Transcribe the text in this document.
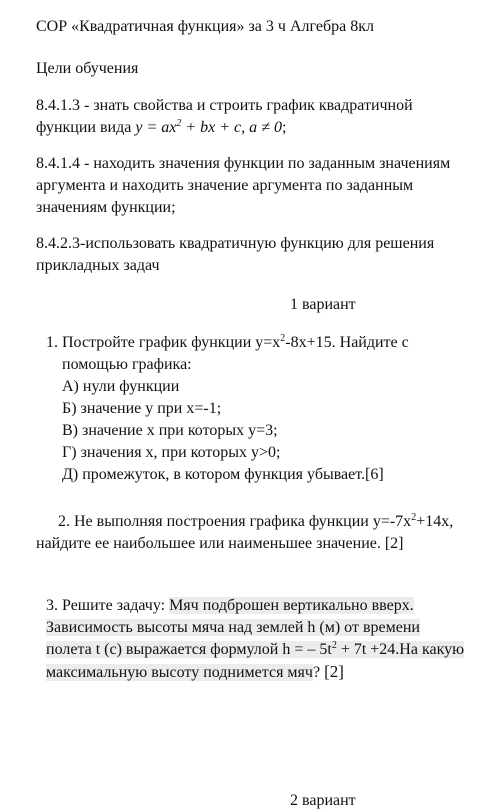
СОР «Квадратичная функция» за 3 ч Алгебра 8кл
Цели обучения
8.4.1.3 - знать свойства и строить график квадратичной функции вида $y = ax^2$ + bx + c, a ≠ 0;
8.4.1.4 - находить значения функции по заданным значениям аргумента и находить значение аргумента по заданным значениям функции;
8.4.2.3-использовать квадратичную функцию для решения прикладных задач
1 вариант
1. Постройте график функции $у=х^2-8х+15$. Найдите с помощью графика:
А) нули функции
Б) значение у при х=-1;
В) значение х при которых у=3;
Г) значения х, при которых у>0;
Д) промежуток, в котором функция убывает.[6]
2. Не выполняя построения графика функции $у=-7х^2+14х$, найдите ее наибольшее или наименьшее значение. [2]
3. Решите задачу: Мяч подброшен вертикально вверх. Зависимость высоты мяча над землей h (м) от времени полета t (с) выражается формулой h = – $5t^2 + 7t +24.На$ какую максимальную высоту поднимется мяч? [2]
2 вариант
